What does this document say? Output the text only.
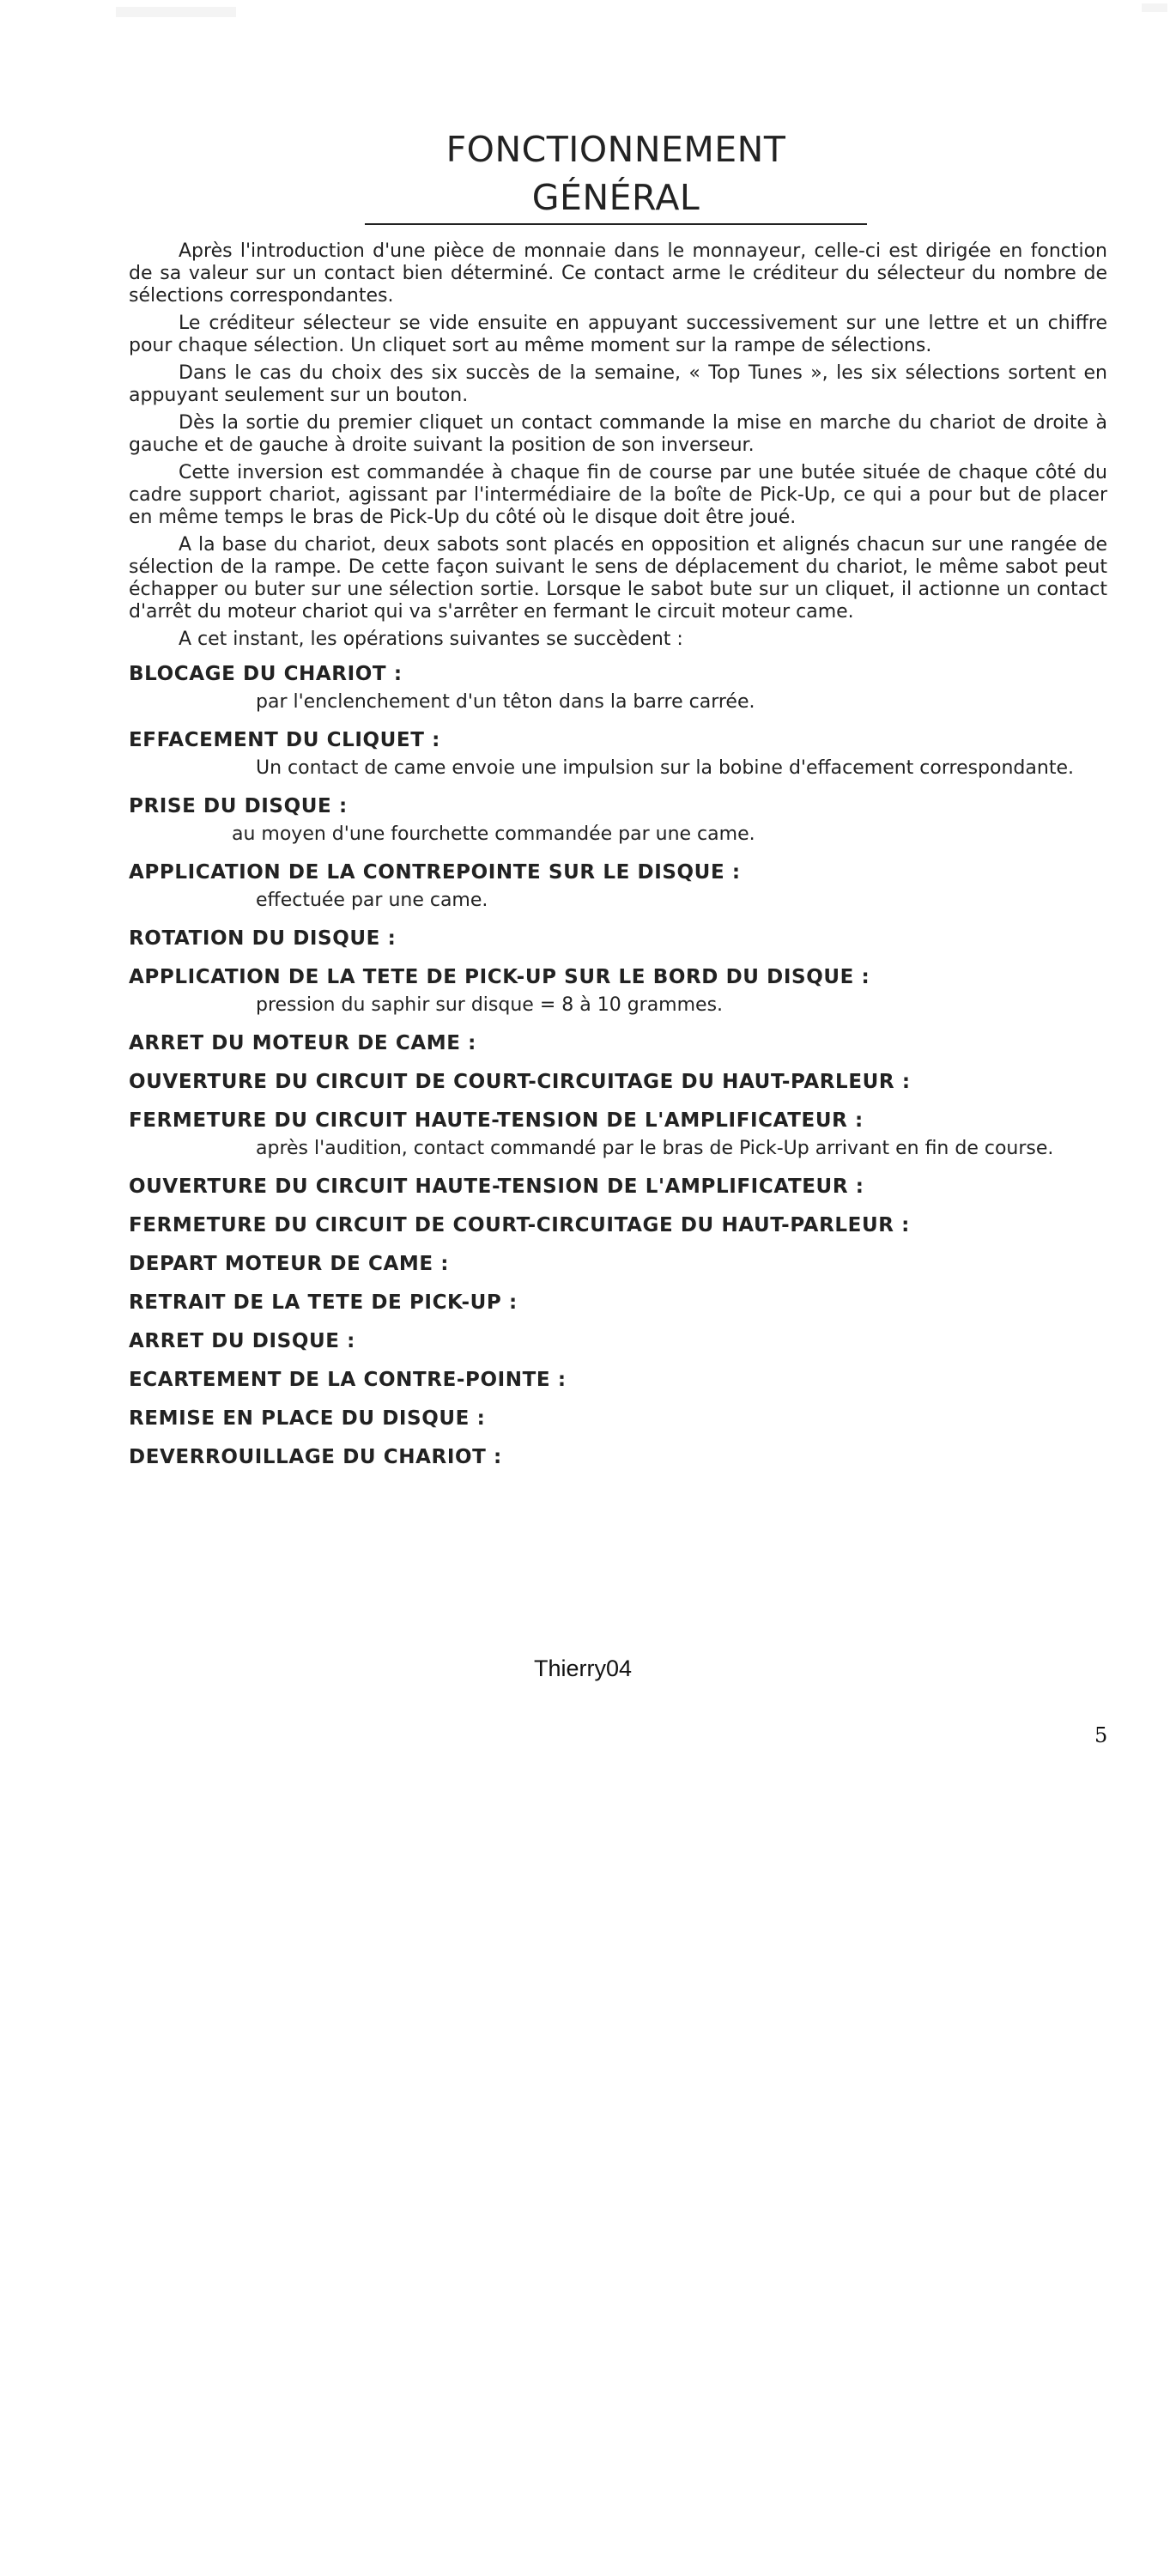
FONCTIONNEMENT GÉNÉRAL

Après l'introduction d'une pièce de monnaie dans le monnayeur, celle-ci est dirigée en fonction de sa valeur sur un contact bien déterminé. Ce contact arme le créditeur du sélecteur du nombre de sélections correspondantes.

Le créditeur sélecteur se vide ensuite en appuyant successivement sur une lettre et un chiffre pour chaque sélection. Un cliquet sort au même moment sur la rampe de sélections.

Dans le cas du choix des six succès de la semaine, « Top Tunes », les six sélections sortent en appuyant seulement sur un bouton.

Dès la sortie du premier cliquet un contact commande la mise en marche du chariot de droite à gauche et de gauche à droite suivant la position de son inverseur.

Cette inversion est commandée à chaque fin de course par une butée située de chaque côté du cadre support chariot, agissant par l'intermédiaire de la boîte de Pick-Up, ce qui a pour but de placer en même temps le bras de Pick-Up du côté où le disque doit être joué.

A la base du chariot, deux sabots sont placés en opposition et alignés chacun sur une rangée de sélection de la rampe. De cette façon suivant le sens de déplacement du chariot, le même sabot peut échapper ou buter sur une sélection sortie. Lorsque le sabot bute sur un cliquet, il actionne un contact d'arrêt du moteur chariot qui va s'arrêter en fermant le circuit moteur came.

A cet instant, les opérations suivantes se succèdent :

BLOCAGE DU CHARIOT :
par l'enclenchement d'un têton dans la barre carrée.
EFFACEMENT DU CLIQUET :
Un contact de came envoie une impulsion sur la bobine d'effacement correspondante.
PRISE DU DISQUE :
au moyen d'une fourchette commandée par une came.
APPLICATION DE LA CONTREPOINTE SUR LE DISQUE :
effectuée par une came.
ROTATION DU DISQUE :
APPLICATION DE LA TETE DE PICK-UP SUR LE BORD DU DISQUE :
pression du saphir sur disque = 8 à 10 grammes.
ARRET DU MOTEUR DE CAME :
OUVERTURE DU CIRCUIT DE COURT-CIRCUITAGE DU HAUT-PARLEUR :
FERMETURE DU CIRCUIT HAUTE-TENSION DE L'AMPLIFICATEUR :
après l'audition, contact commandé par le bras de Pick-Up arrivant en fin de course.
OUVERTURE DU CIRCUIT HAUTE-TENSION DE L'AMPLIFICATEUR :
FERMETURE DU CIRCUIT DE COURT-CIRCUITAGE DU HAUT-PARLEUR :
DEPART MOTEUR DE CAME :
RETRAIT DE LA TETE DE PICK-UP :
ARRET DU DISQUE :
ECARTEMENT DE LA CONTRE-POINTE :
REMISE EN PLACE DU DISQUE :
DEVERROUILLAGE DU CHARIOT :
Thierry04
5
